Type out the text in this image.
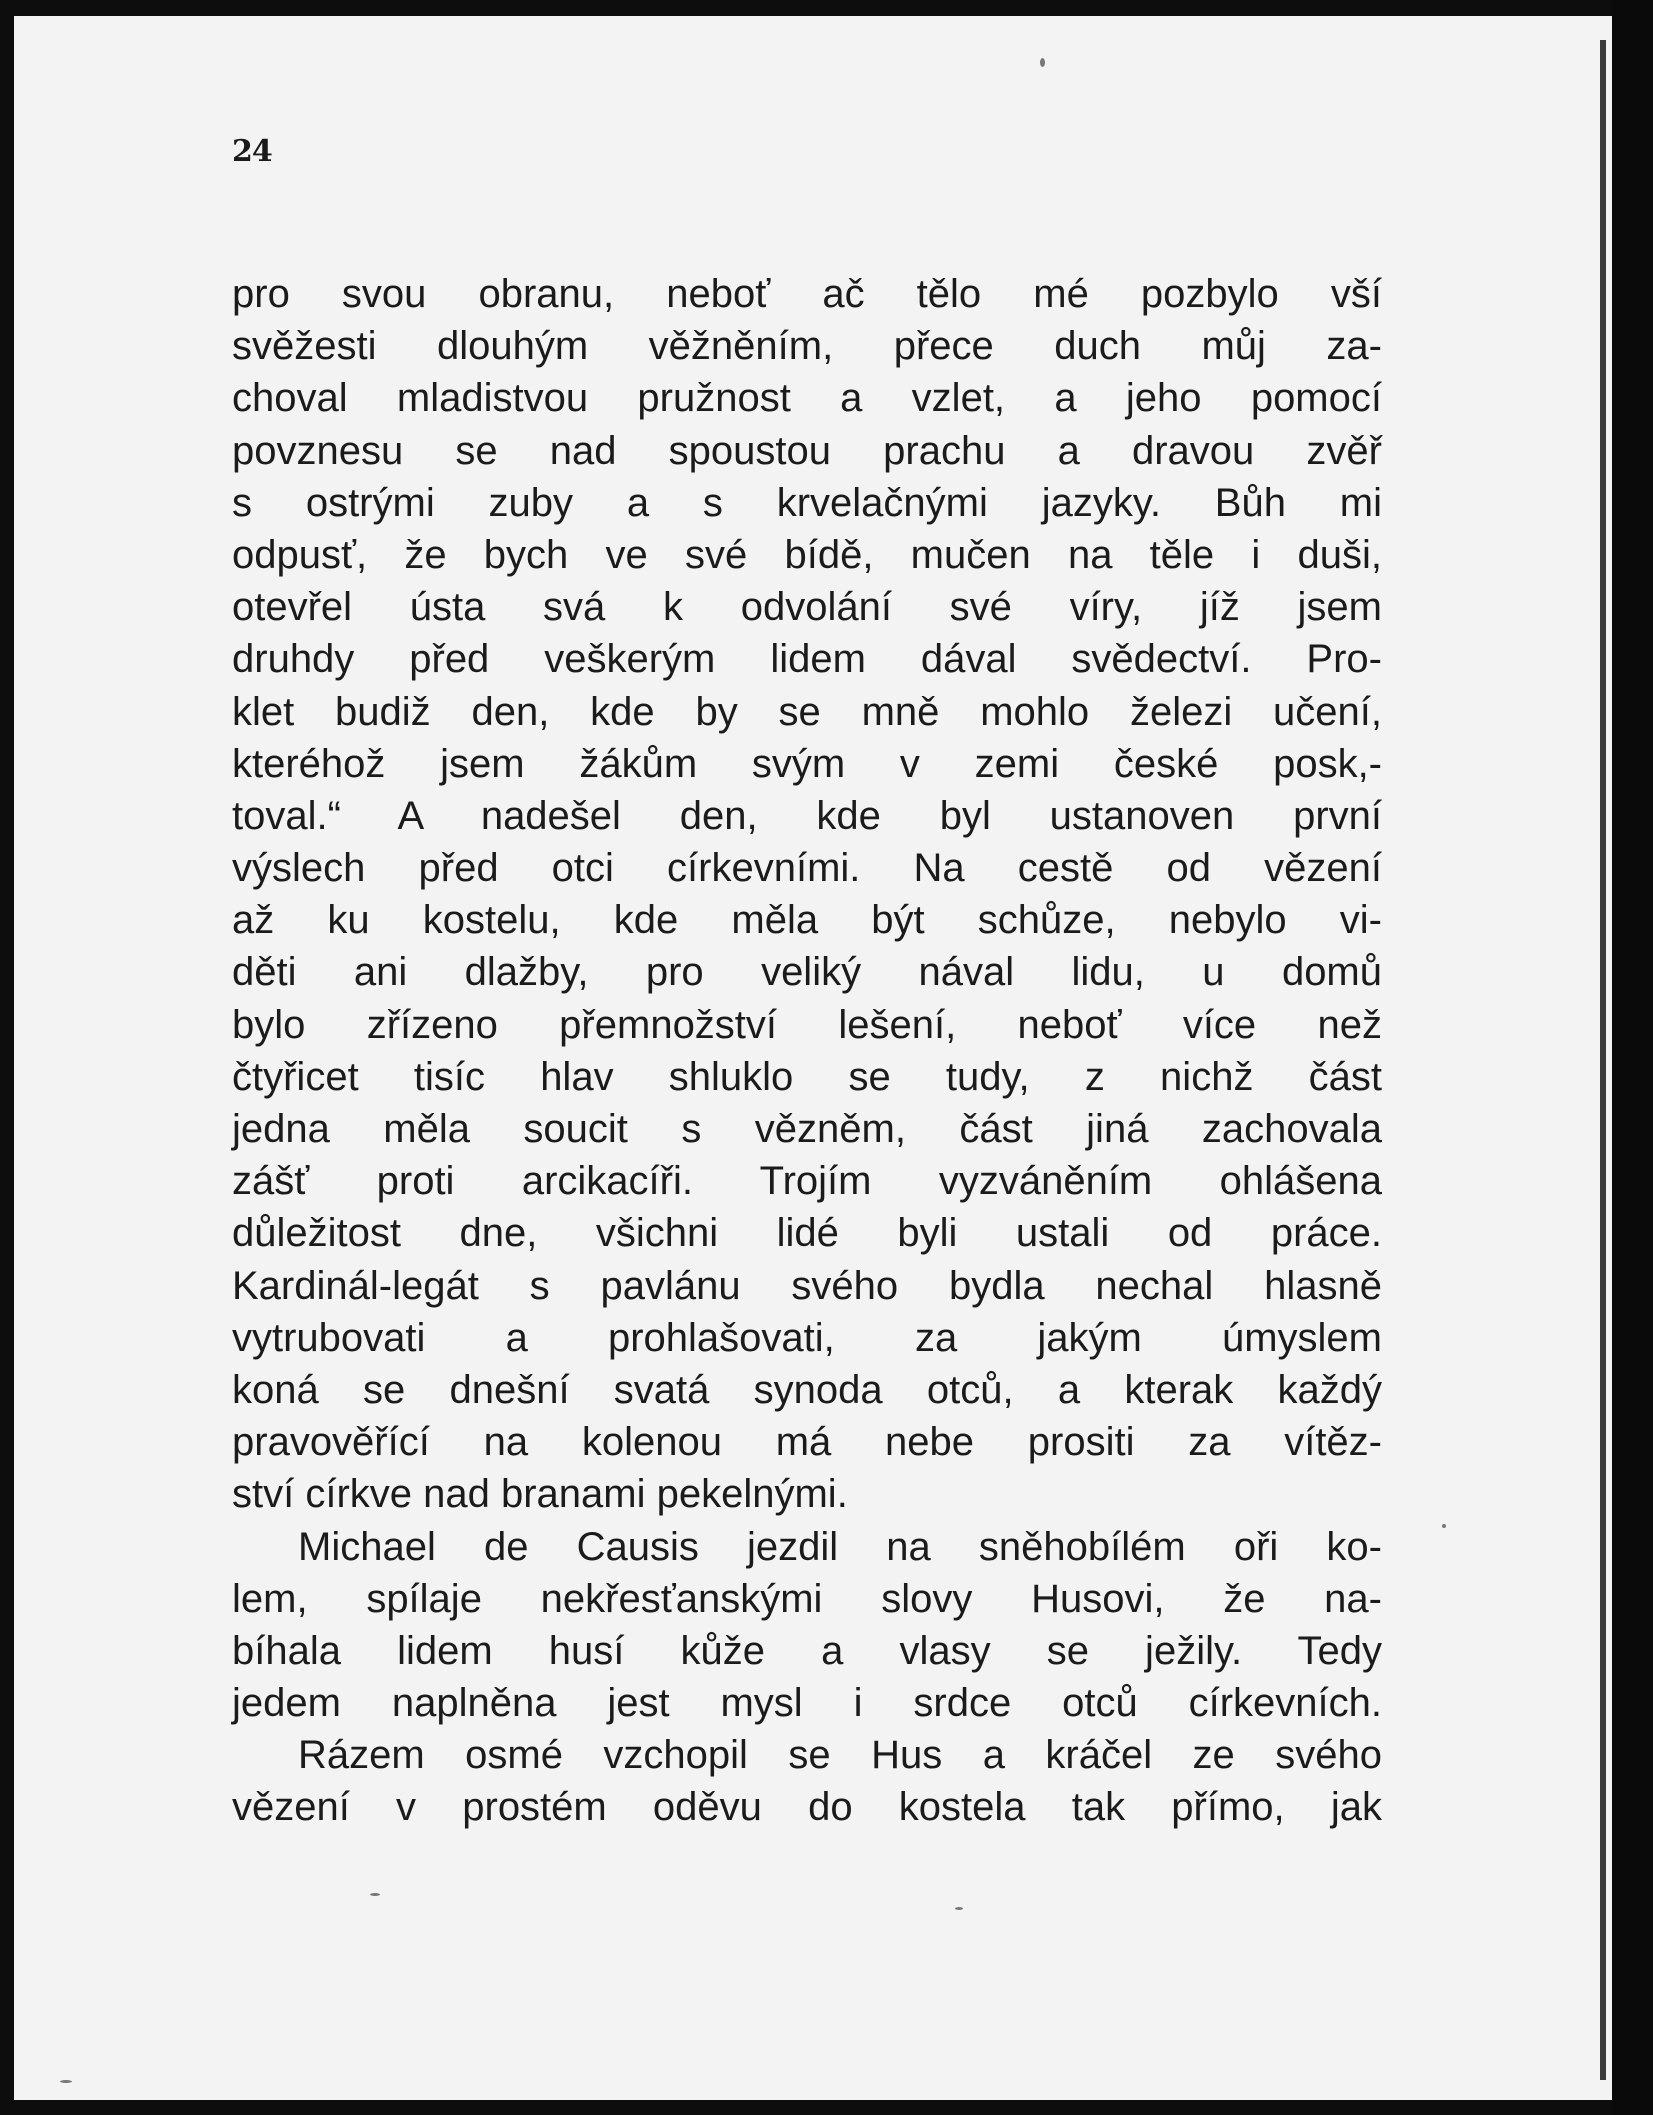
24
pro svou obranu, neboť ač tělo mé pozbylo vší
svěžesti dlouhým věžněním, přece duch můj za-
choval mladistvou pružnost a vzlet, a jeho pomocí
povznesu se nad spoustou prachu a dravou zvěř
s ostrými zuby a s krvelačnými jazyky. Bůh mi
odpusť, že bych ve své bídě, mučen na těle i duši,
otevřel ústa svá k odvolání své víry, jíž jsem
druhdy před veškerým lidem dával svědectví. Pro-
klet budiž den, kde by se mně mohlo železi učení,
kteréhož jsem žákům svým v zemi české posk,-
toval.“ A nadešel den, kde byl ustanoven první
výslech před otci církevními. Na cestě od vězení
až ku kostelu, kde měla být schůze, nebylo vi-
děti ani dlažby, pro veliký nával lidu, u domů
bylo zřízeno přemnožství lešení, neboť více než
čtyřicet tisíc hlav shluklo se tudy, z nichž část
jedna měla soucit s vězněm, část jiná zachovala
zášť proti arcikacíři. Trojím vyzváněním ohlášena
důležitost dne, všichni lidé byli ustali od práce.
Kardinál-legát s pavlánu svého bydla nechal hlasně
vytrubovati a prohlašovati, za jakým úmyslem
koná se dnešní svatá synoda otců, a kterak každý
pravověřící na kolenou má nebe prositi za vítěz-
ství církve nad branami pekelnými.
Michael de Causis jezdil na sněhobílém oři ko-
lem, spílaje nekřesťanskými slovy Husovi, že na-
bíhala lidem husí kůže a vlasy se ježily. Tedy
jedem naplněna jest mysl i srdce otců církevních.
Rázem osmé vzchopil se Hus a kráčel ze svého
vězení v prostém oděvu do kostela tak přímo, jak
